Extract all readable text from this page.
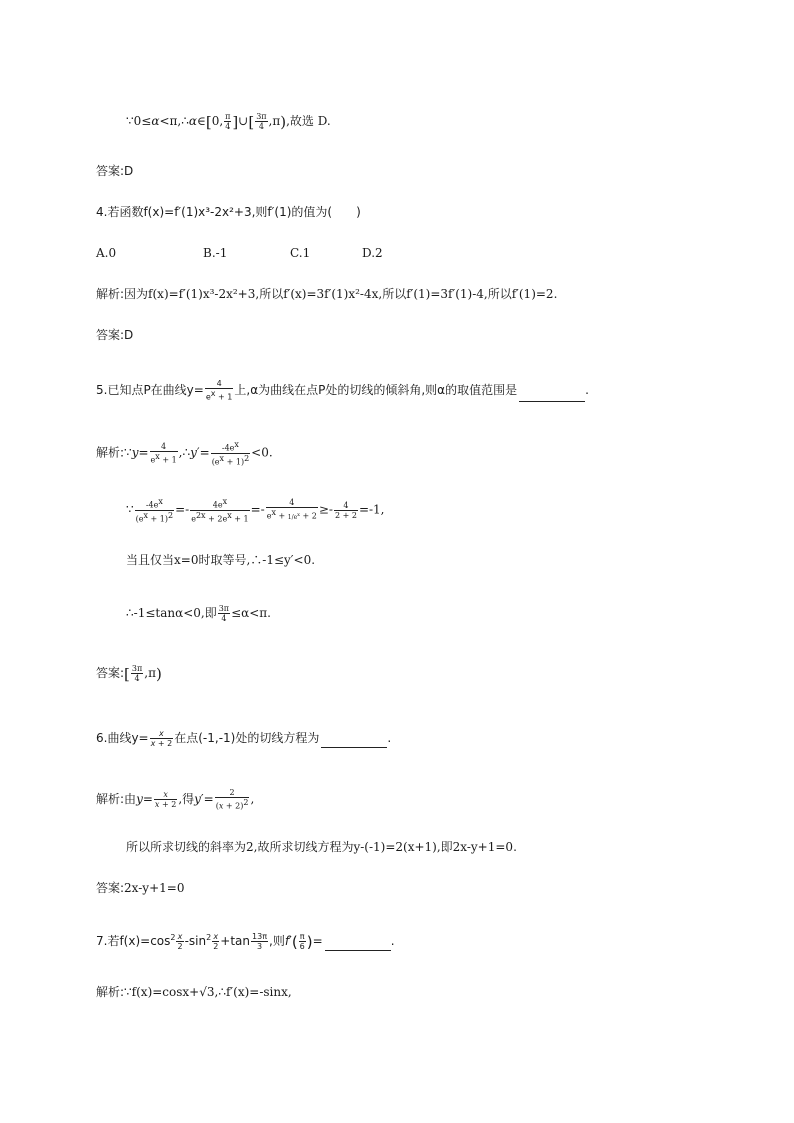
∵0≤α<π,∴α∈[0, $\frac{\pi}{4}$ ]∪[ $\frac{3\pi}{4} ,\pi$),故选 D.
答案:D
4.若函数f(x)=f′(1)x³-2x²+3,则f′(1)的值为(　　)
A.0	B.-1	C.1	D.2
解析:因为f(x)=f′(1)x³-2x²+3,所以f′(x)=3f′(1)x²-4x,所以f′(1)=3f′(1)-4,所以f′(1)=2.
答案:D
5.已知点P在曲线$y= \frac{4}{e^x + 1}$ 上,α为曲线在点P处的切线的倾斜角,则α的取值范围是	.
解析:∵y= $\frac{4}{e^x + 1}$ ,∴y′= $\frac{-4e^x}{(e^x + 1)^2} <0$.
∵ $\frac{-4e^x}{(e^x + 1)^2} =- \frac{4e^x}{e^{2x} + 2e^x + 1} =- \frac{4}{e^x + 1/e^x + 2} \ge- \frac{4}{2 + 2} =-1$,
当且仅当x=0时取等号,∴-1≤y′<0.
∴-1≤tanα<0,即 $\frac{3\pi}{4} \le\alpha<\pi$.
答案:[ $\frac{3\pi}{4} ,\pi$)
6.曲线$y= \frac{x}{x + 2}$ 在点(-1,-1)处的切线方程为	.
解析:由$y= \frac{x}{x + 2}$ ,得$y'= \frac{2}{(x + 2)^2}$ ,
所以所求切线的斜率为2,故所求切线方程为y-(-1)=2(x+1),即2x-y+1=0.
答案:2x-y+1=0
7.若$f(x)=\cos^2 \frac{x}{2} -\sin^2 \frac{x}{2} +\tan \frac{13\pi}{3}$ ,则$f'( \frac{\pi}{6}$ )=	.
解析:∵f(x)=cosx+√3,∴f′(x)=-sinx,
